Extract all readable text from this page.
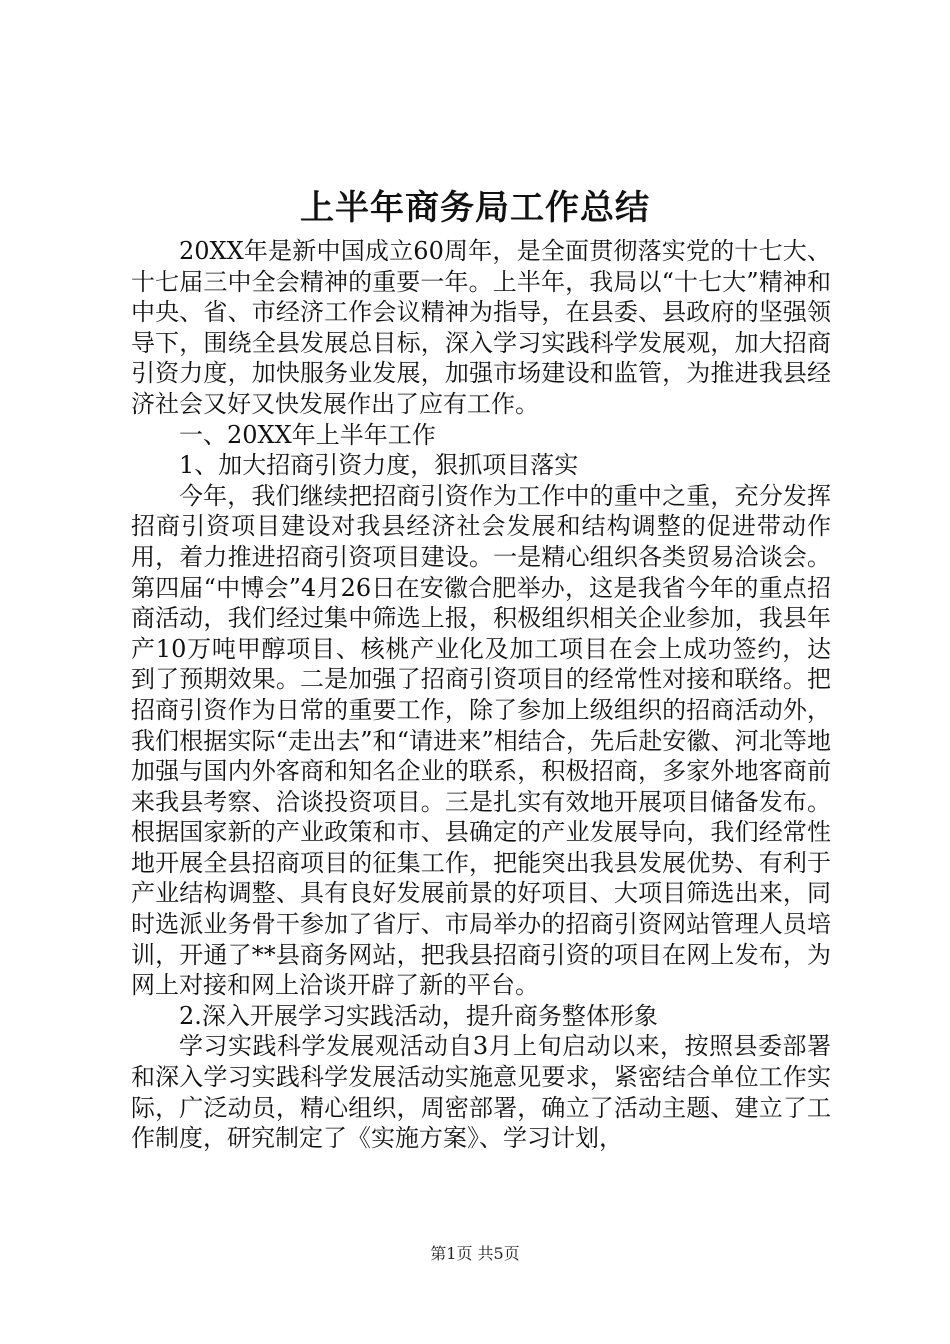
上半年商务局工作总结

20XX年是新中国成立60周年，是全面贯彻落实党的十七大、十七届三中全会精神的重要一年。上半年，我局以“十七大”精神和中央、省、市经济工作会议精神为指导，在县委、县政府的坚强领导下，围绕全县发展总目标，深入学习实践科学发展观，加大招商引资力度，加快服务业发展，加强市场建设和监管，为推进我县经济社会又好又快发展作出了应有工作。

一、20XX年上半年工作

1、加大招商引资力度，狠抓项目落实

今年，我们继续把招商引资作为工作中的重中之重，充分发挥招商引资项目建设对我县经济社会发展和结构调整的促进带动作用，着力推进招商引资项目建设。一是精心组织各类贸易洽谈会。第四届“中博会”4月26日在安徽合肥举办，这是我省今年的重点招商活动，我们经过集中筛选上报，积极组织相关企业参加，我县年产10万吨甲醇项目、核桃产业化及加工项目在会上成功签约，达到了预期效果。二是加强了招商引资项目的经常性对接和联络。把招商引资作为日常的重要工作，除了参加上级组织的招商活动外，我们根据实际“走出去”和“请进来”相结合，先后赴安徽、河北等地加强与国内外客商和知名企业的联系，积极招商，多家外地客商前来我县考察、洽谈投资项目。三是扎实有效地开展项目储备发布。根据国家新的产业政策和市、县确定的产业发展导向，我们经常性地开展全县招商项目的征集工作，把能突出我县发展优势、有利于产业结构调整、具有良好发展前景的好项目、大项目筛选出来，同时选派业务骨干参加了省厅、市局举办的招商引资网站管理人员培训，开通了**县商务网站，把我县招商引资的项目在网上发布，为网上对接和网上洽谈开辟了新的平台。

2.深入开展学习实践活动，提升商务整体形象

学习实践科学发展观活动自3月上旬启动以来，按照县委部署和深入学习实践科学发展活动实施意见要求，紧密结合单位工作实际，广泛动员，精心组织，周密部署，确立了活动主题、建立了工作制度，研究制定了《实施方案》、学习计划，

第1页 共5页
